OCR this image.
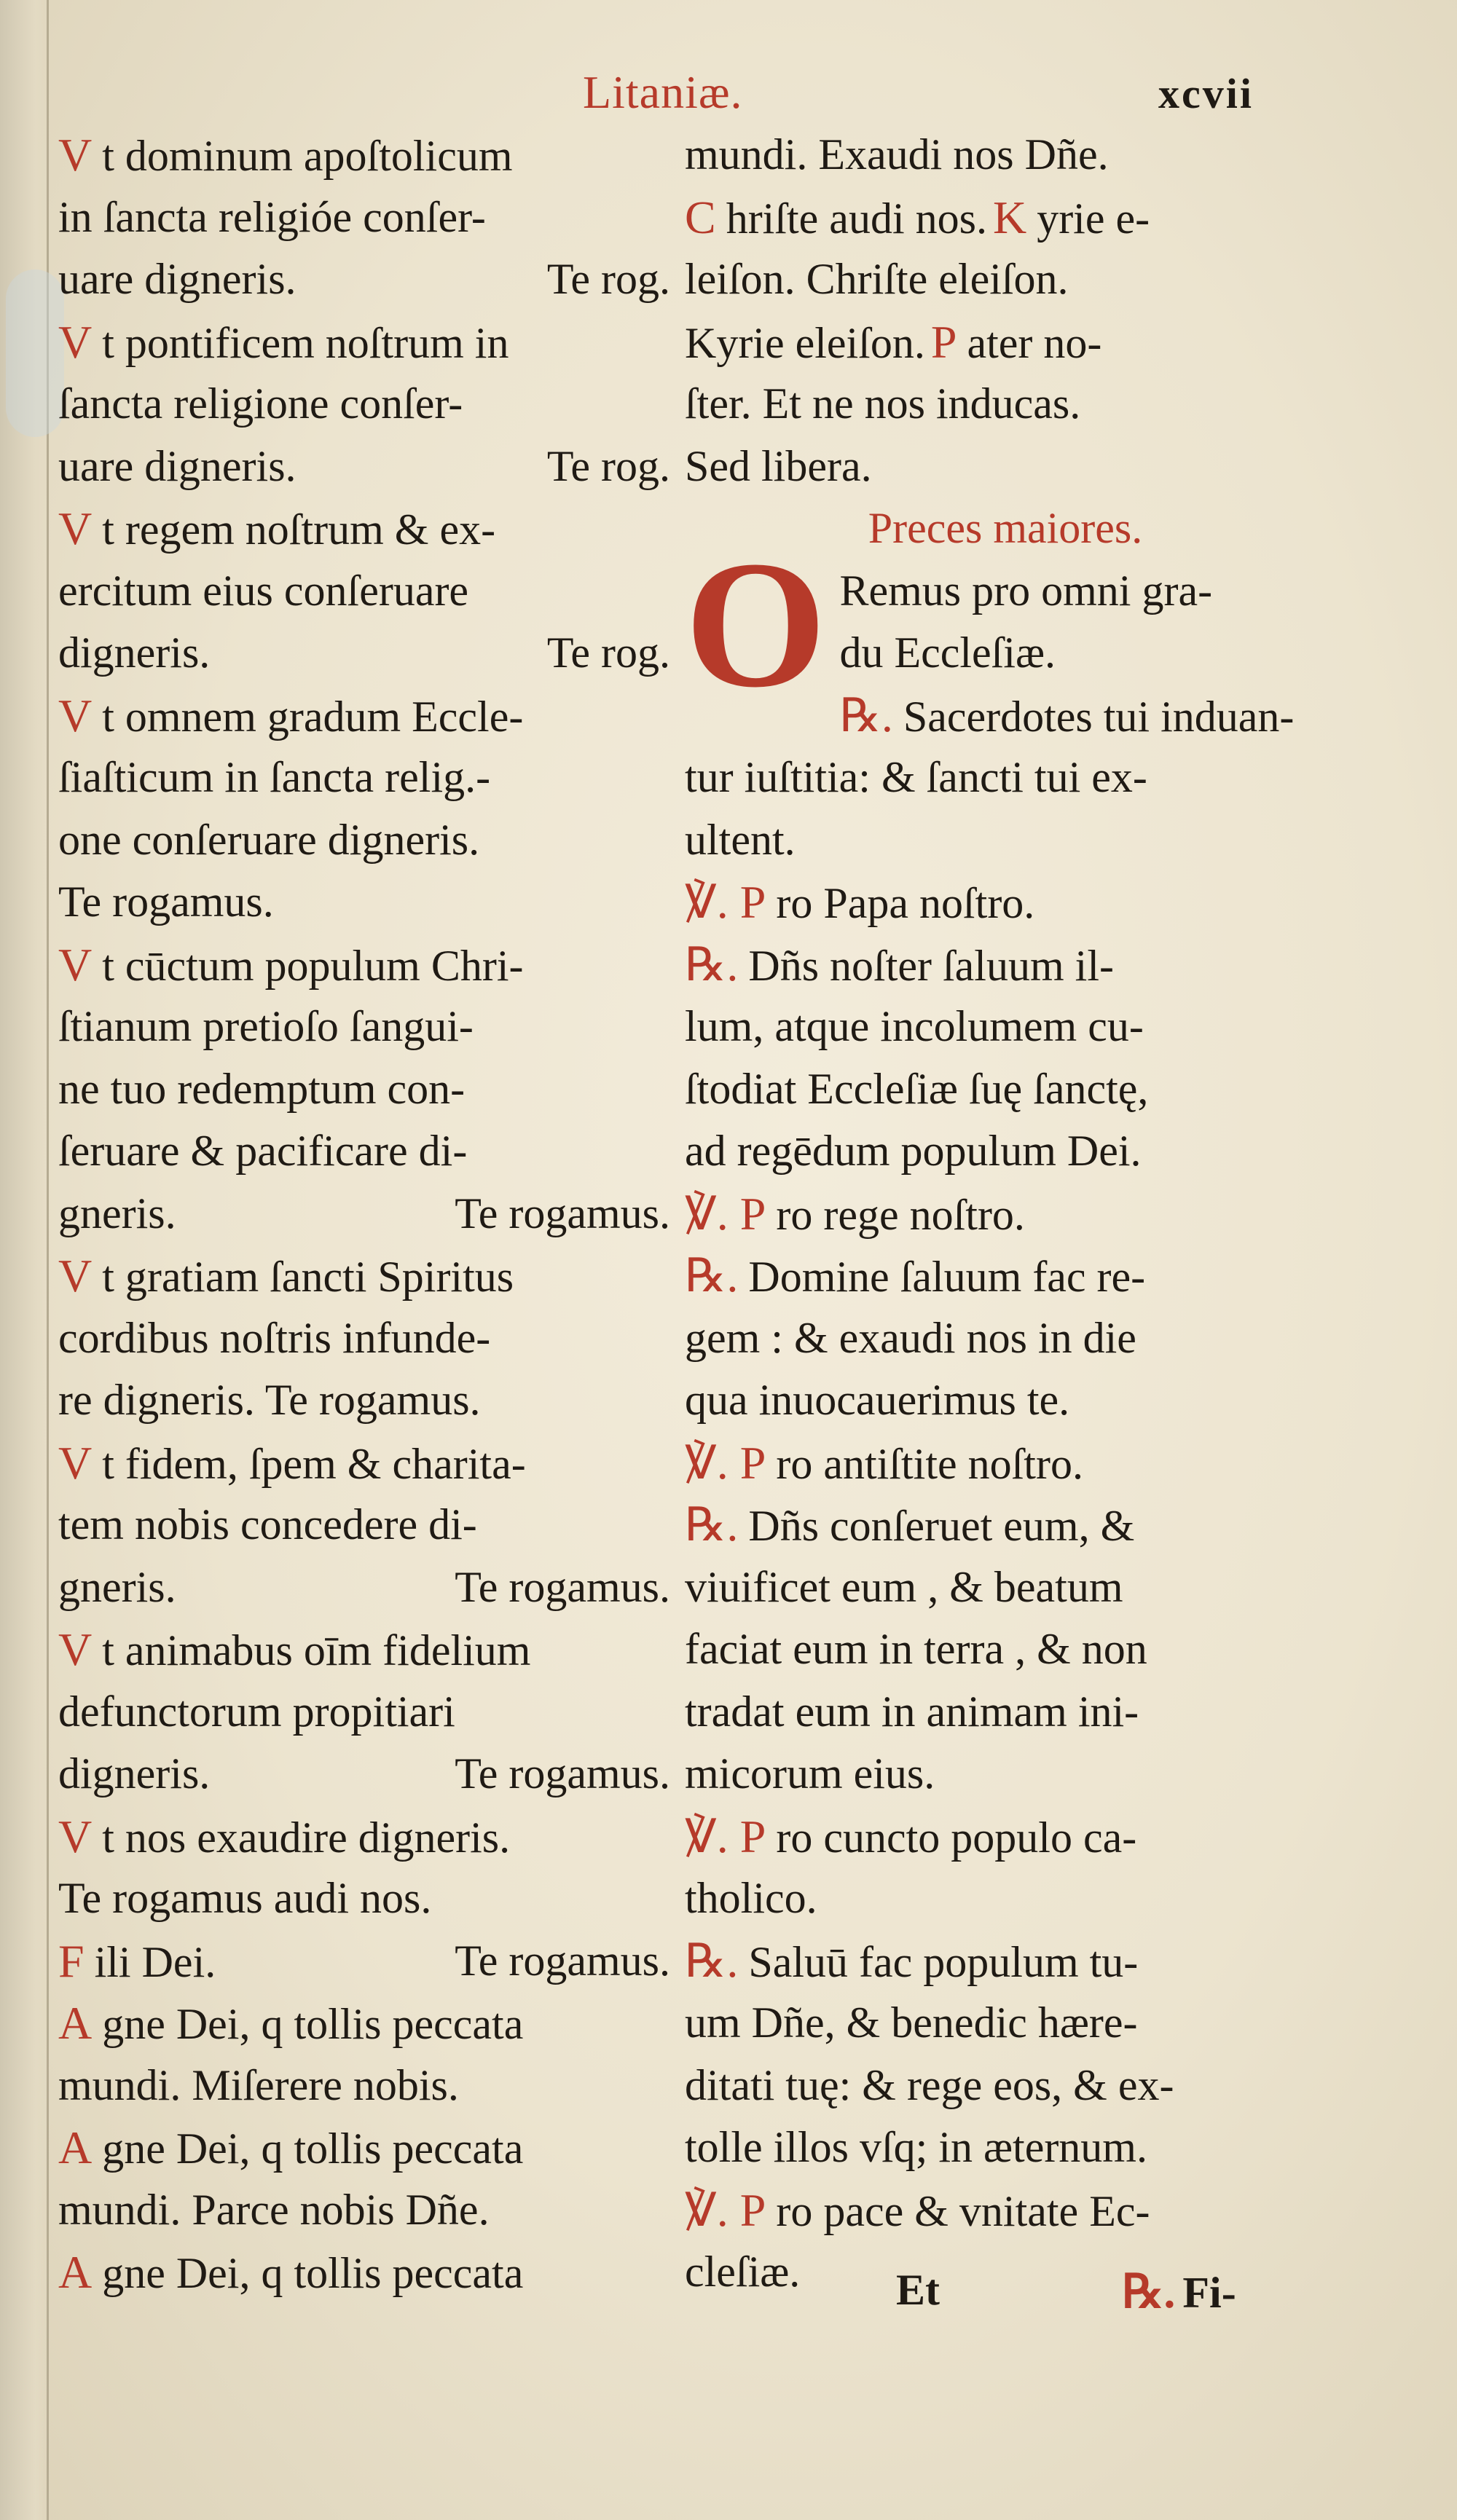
Litaniæ.	xcvii
V t dominum apoſtolicum
in ſancta religióe conſer-
uare digneris.	Te rog.
V t pontificem noſtrum in
ſancta religione conſer-
uare digneris.	Te rog.
V t regem noſtrum & ex-
ercitum eius conſeruare
digneris.	Te rog.
V t omnem gradum Eccle-
ſiaſticum in ſancta relig.-
one conſeruare digneris.
Te rogamus.
V t cūctum populum Chri-
ſtianum pretioſo ſangui-
ne tuo redemptum con-
ſeruare & pacificare di-
gneris.	Te rogamus.
V t gratiam ſancti Spiritus
cordibus noſtris infunde-
re digneris. Te rogamus.
V t fidem, ſpem & charita-
tem nobis concedere di-
gneris.	Te rogamus.
V t animabus oīm fidelium
defunctorum propitiari
digneris.	Te rogamus.
V t nos exaudire digneris.
Te rogamus audi nos.
F ili Dei.	Te rogamus.
A gne Dei, q tollis peccata
mundi. Miſerere nobis.
A gne Dei, q tollis peccata
mundi. Parce nobis Dñe.
A gne Dei, q tollis peccata
mundi. Exaudi nos Dñe.
C hriſte audi nos. K yrie e-
leiſon. Chriſte eleiſon.
Kyrie eleiſon. P ater no-
ſter. Et ne nos inducas.
Sed libera.
Preces maiores.
O Remus pro omni gra-
du Eccleſiæ.
℞. Sacerdotes tui induan-
tur iuſtitia: & ſancti tui ex-
ultent.
℣. P ro Papa noſtro.
℞. Dñs noſter ſaluum il-
lum, atque incolumem cu-
ſtodiat Eccleſiæ ſuę ſanctę,
ad regēdum populum Dei.
℣. P ro rege noſtro.
℞. Domine ſaluum fac re-
gem : & exaudi nos in die
qua inuocauerimus te.
℣. P ro antiſtite noſtro.
℞. Dñs conſeruet eum, &
viuificet eum , & beatum
faciat eum in terra , & non
tradat eum in animam ini-
micorum eius.
℣. P ro cuncto populo ca-
tholico.
℞. Saluū fac populum tu-
um Dñe, & benedic hære-
ditati tuę: & rege eos, & ex-
tolle illos vſq; in æternum.
℣. P ro pace & vnitate Ec-
cleſiæ.	Et	℞. Fi-
